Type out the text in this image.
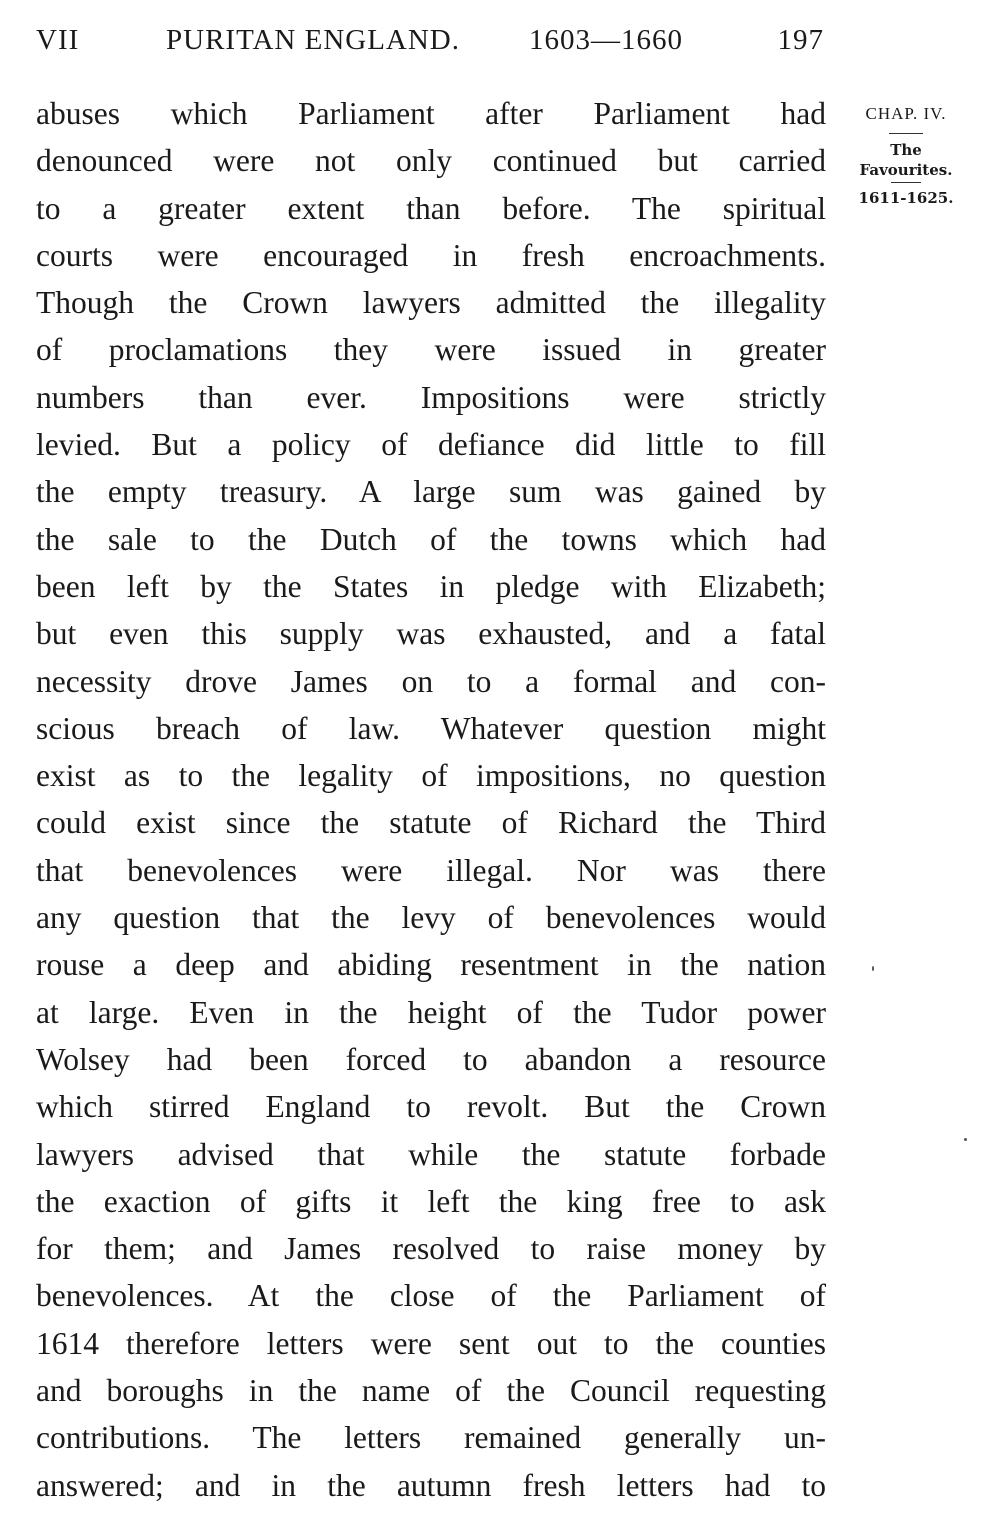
VII	PURITAN ENGLAND. 1603—1660	197
abuses which Parliament after Parliament had
denounced were not only continued but carried
to a greater extent than before. The spiritual
courts were encouraged in fresh encroachments.
Though the Crown lawyers admitted the illegality
of proclamations they were issued in greater
numbers than ever. Impositions were strictly
levied. But a policy of defiance did little to fill
the empty treasury. A large sum was gained by
the sale to the Dutch of the towns which had
been left by the States in pledge with Elizabeth;
but even this supply was exhausted, and a fatal
necessity drove James on to a formal and con-
scious breach of law. Whatever question might
exist as to the legality of impositions, no question
could exist since the statute of Richard the Third
that benevolences were illegal. Nor was there
any question that the levy of benevolences would
rouse a deep and abiding resentment in the nation
at large. Even in the height of the Tudor power
Wolsey had been forced to abandon a resource
which stirred England to revolt. But the Crown
lawyers advised that while the statute forbade
the exaction of gifts it left the king free to ask
for them; and James resolved to raise money by
benevolences. At the close of the Parliament of
1614 therefore letters were sent out to the counties
and boroughs in the name of the Council requesting
contributions. The letters remained generally un-
answered; and in the autumn fresh letters had to
CHAP. IV.
The
Favourites.
1611-1625.
